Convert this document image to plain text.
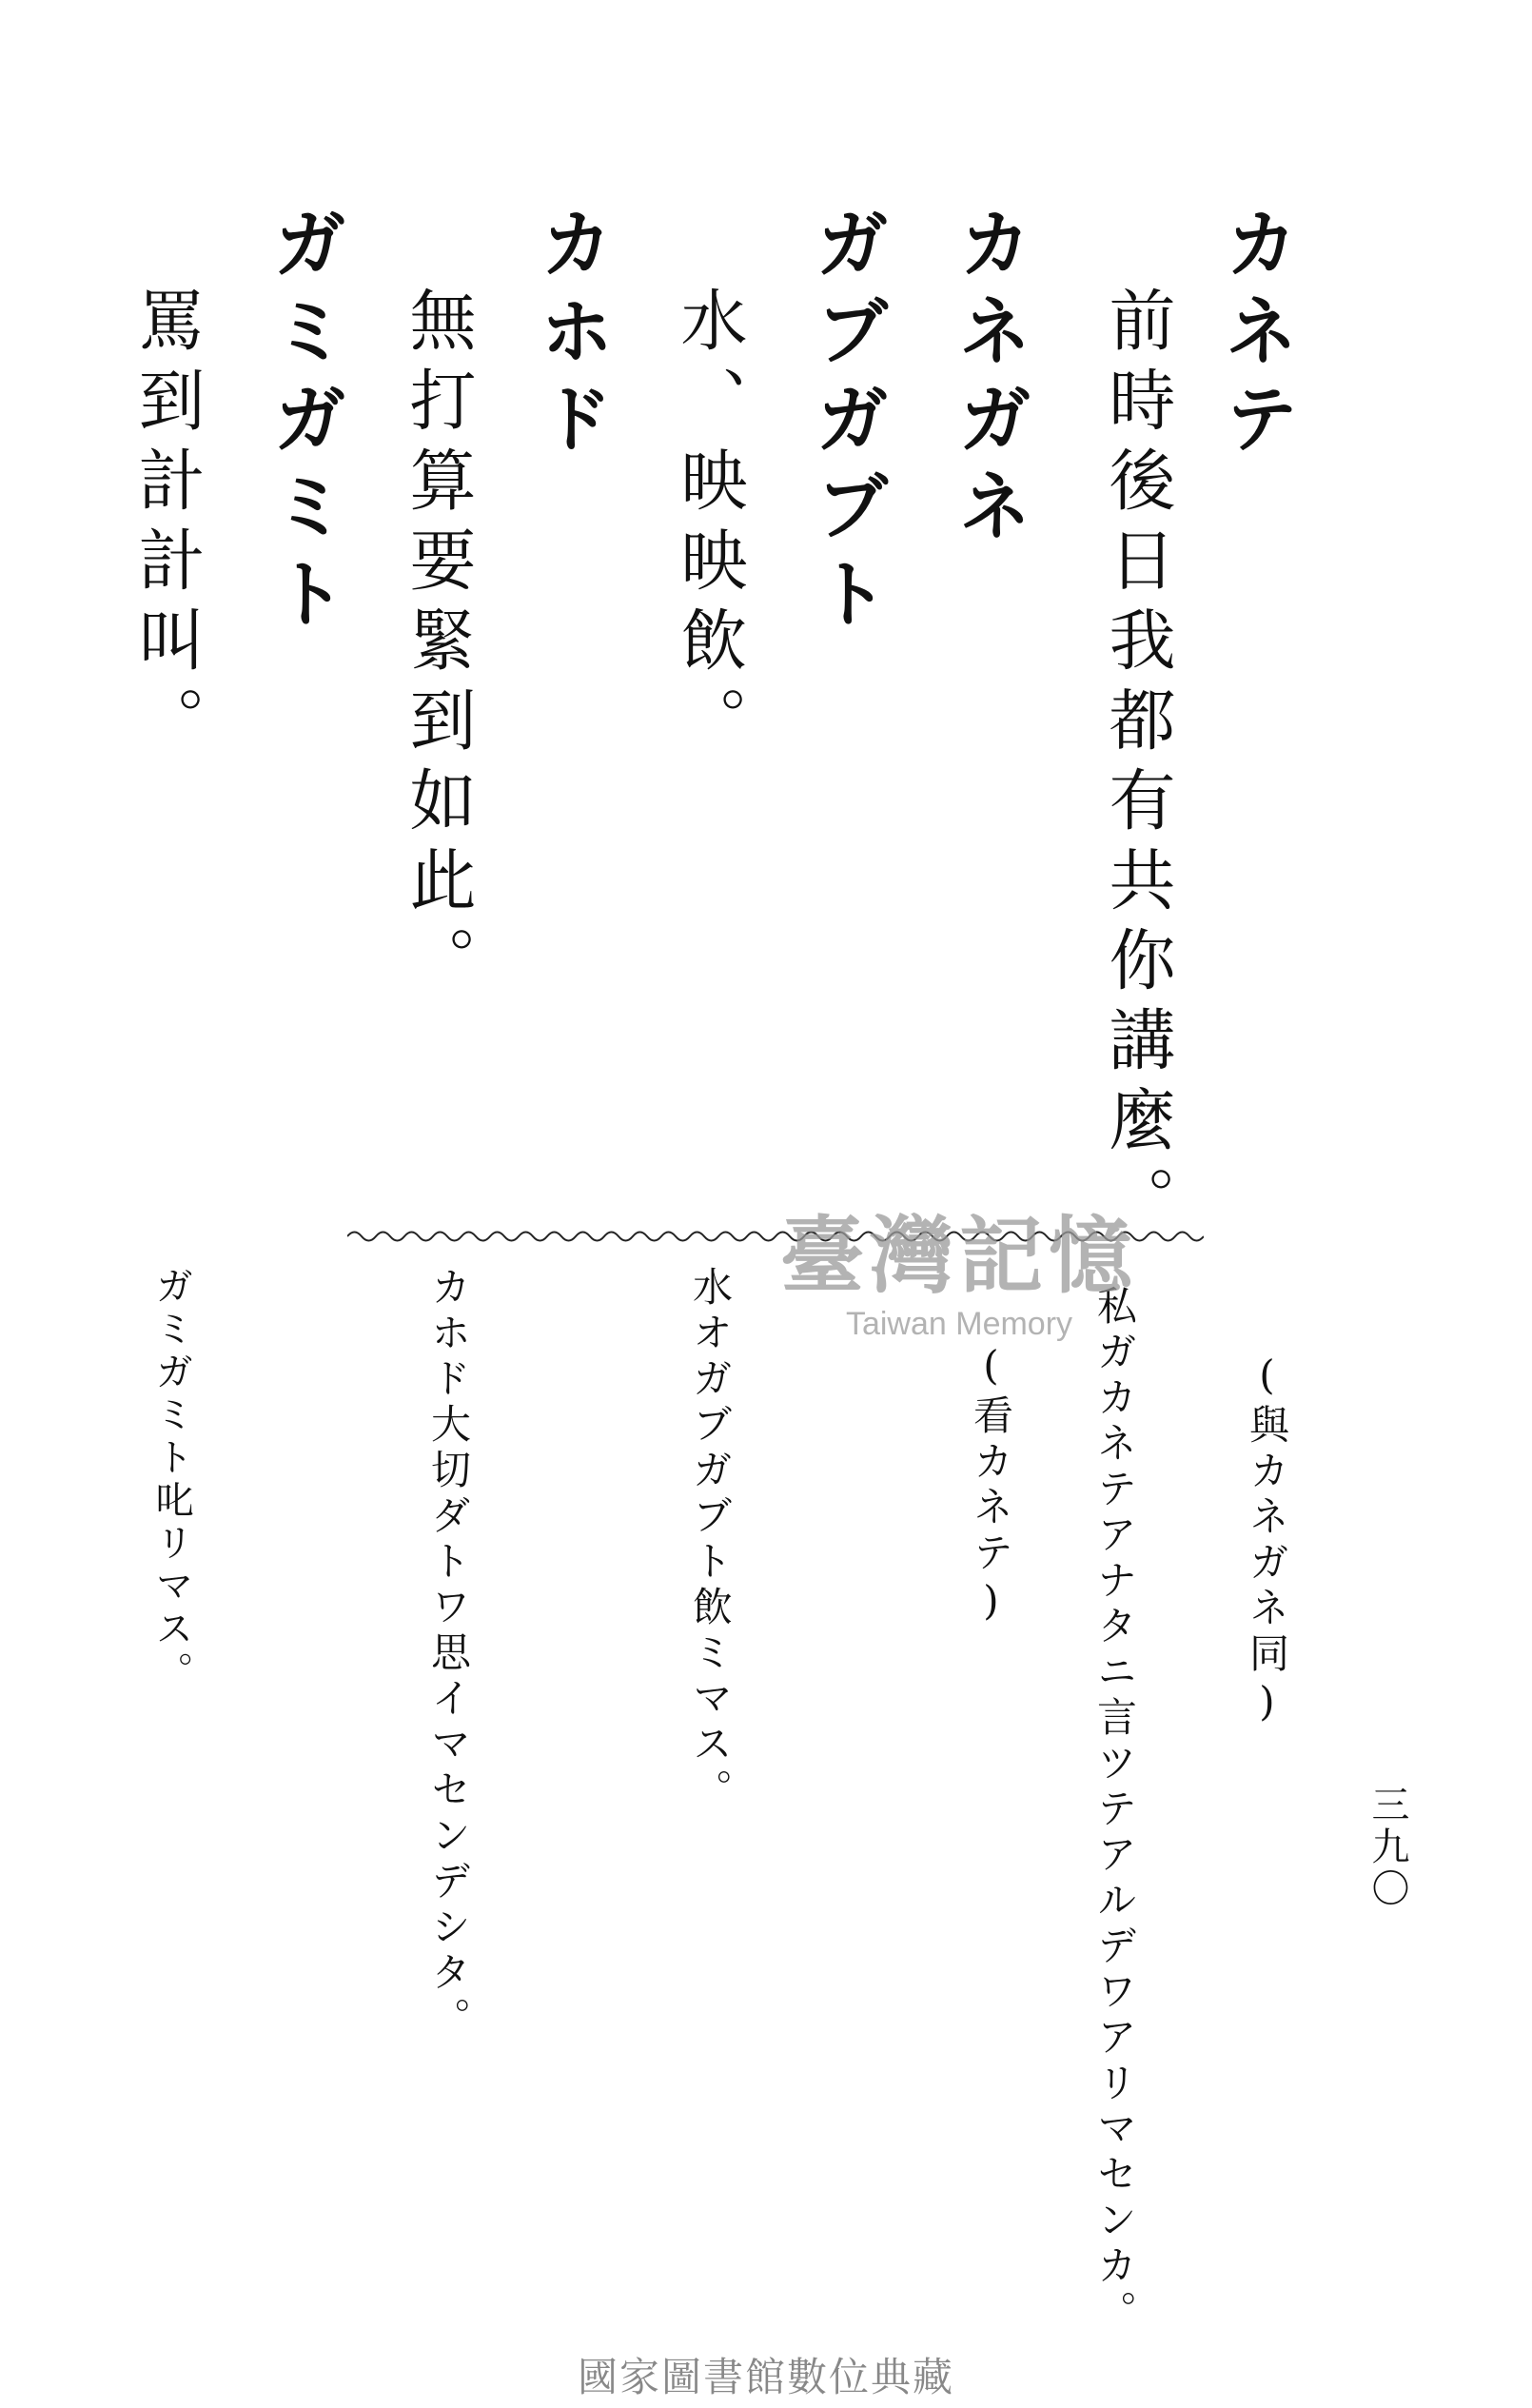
カネテ
前時後日我都有共你講麼。
カネガネ
ガブガブト
水、映映飲。
カホド
無打算要緊到如此。
ガミガミト
罵到計計叫。
(與カネガネ同)
私ガカネテアナタニ言ツテアルデワアリマセンカ。
(看カネテ)
水オガブガブト飲ミマス。
カホド大切ダトワ思イマセンデシタ。
ガミガミト叱リマス。
三九〇
臺灣記憶
Taiwan Memory
國家圖書館數位典藏
